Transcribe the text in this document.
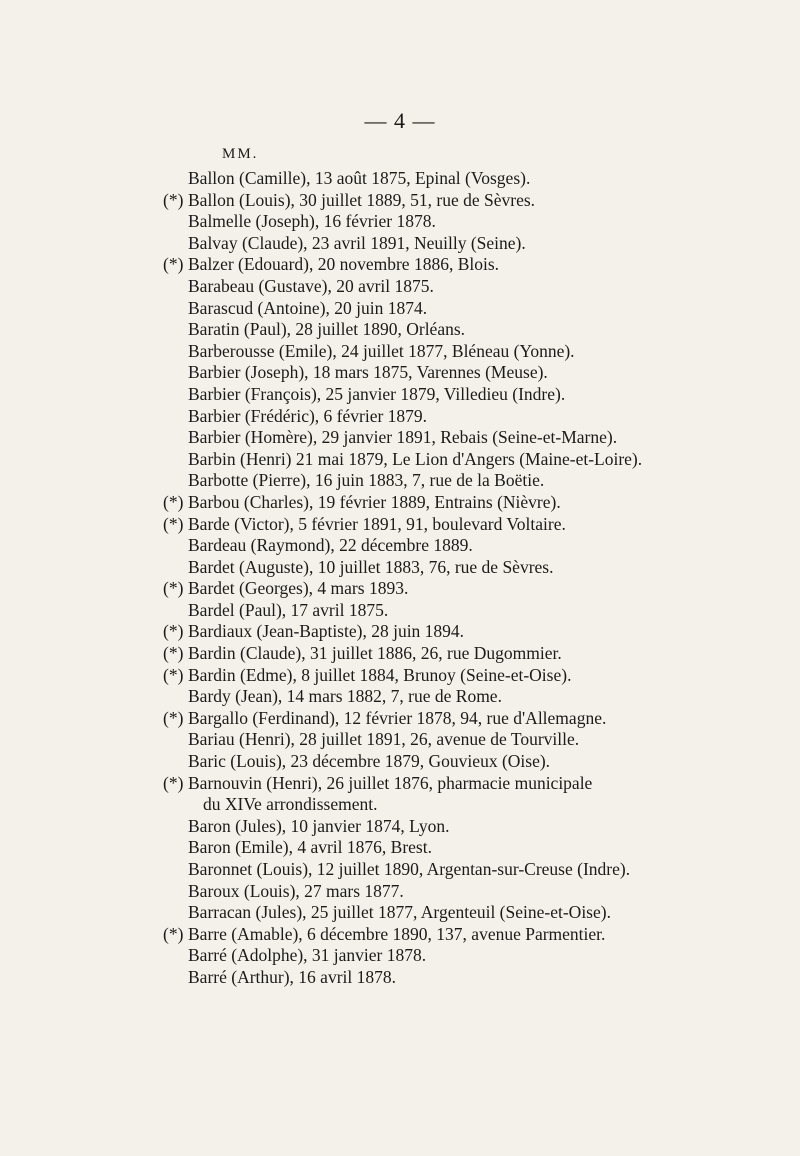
— 4 —
MM.
Ballon (Camille), 13 août 1875, Epinal (Vosges).
(*) Ballon (Louis), 30 juillet 1889, 51, rue de Sèvres.
Balmelle (Joseph), 16 février 1878.
Balvay (Claude), 23 avril 1891, Neuilly (Seine).
(*) Balzer (Edouard), 20 novembre 1886, Blois.
Barabeau (Gustave), 20 avril 1875.
Barascud (Antoine), 20 juin 1874.
Baratin (Paul), 28 juillet 1890, Orléans.
Barberousse (Emile), 24 juillet 1877, Bléneau (Yonne).
Barbier (Joseph), 18 mars 1875, Varennes (Meuse).
Barbier (François), 25 janvier 1879, Villedieu (Indre).
Barbier (Frédéric), 6 février 1879.
Barbier (Homère), 29 janvier 1891, Rebais (Seine-et-Marne).
Barbin (Henri) 21 mai 1879, Le Lion d'Angers (Maine-et-Loire).
Barbotte (Pierre), 16 juin 1883, 7, rue de la Boëtie.
(*) Barbou (Charles), 19 février 1889, Entrains (Nièvre).
(*) Barde (Victor), 5 février 1891, 91, boulevard Voltaire.
Bardeau (Raymond), 22 décembre 1889.
Bardet (Auguste), 10 juillet 1883, 76, rue de Sèvres.
(*) Bardet (Georges), 4 mars 1893.
Bardel (Paul), 17 avril 1875.
(*) Bardiaux (Jean-Baptiste), 28 juin 1894.
(*) Bardin (Claude), 31 juillet 1886, 26, rue Dugommier.
(*) Bardin (Edme), 8 juillet 1884, Brunoy (Seine-et-Oise).
Bardy (Jean), 14 mars 1882, 7, rue de Rome.
(*) Bargallo (Ferdinand), 12 février 1878, 94, rue d'Allemagne.
Bariau (Henri), 28 juillet 1891, 26, avenue de Tourville.
Baric (Louis), 23 décembre 1879, Gouvieux (Oise).
(*) Barnouvin (Henri), 26 juillet 1876, pharmacie municipale
du XIVe arrondissement.
Baron (Jules), 10 janvier 1874, Lyon.
Baron (Emile), 4 avril 1876, Brest.
Baronnet (Louis), 12 juillet 1890, Argentan-sur-Creuse (Indre).
Baroux (Louis), 27 mars 1877.
Barracan (Jules), 25 juillet 1877, Argenteuil (Seine-et-Oise).
(*) Barre (Amable), 6 décembre 1890, 137, avenue Parmentier.
Barré (Adolphe), 31 janvier 1878.
Barré (Arthur), 16 avril 1878.
